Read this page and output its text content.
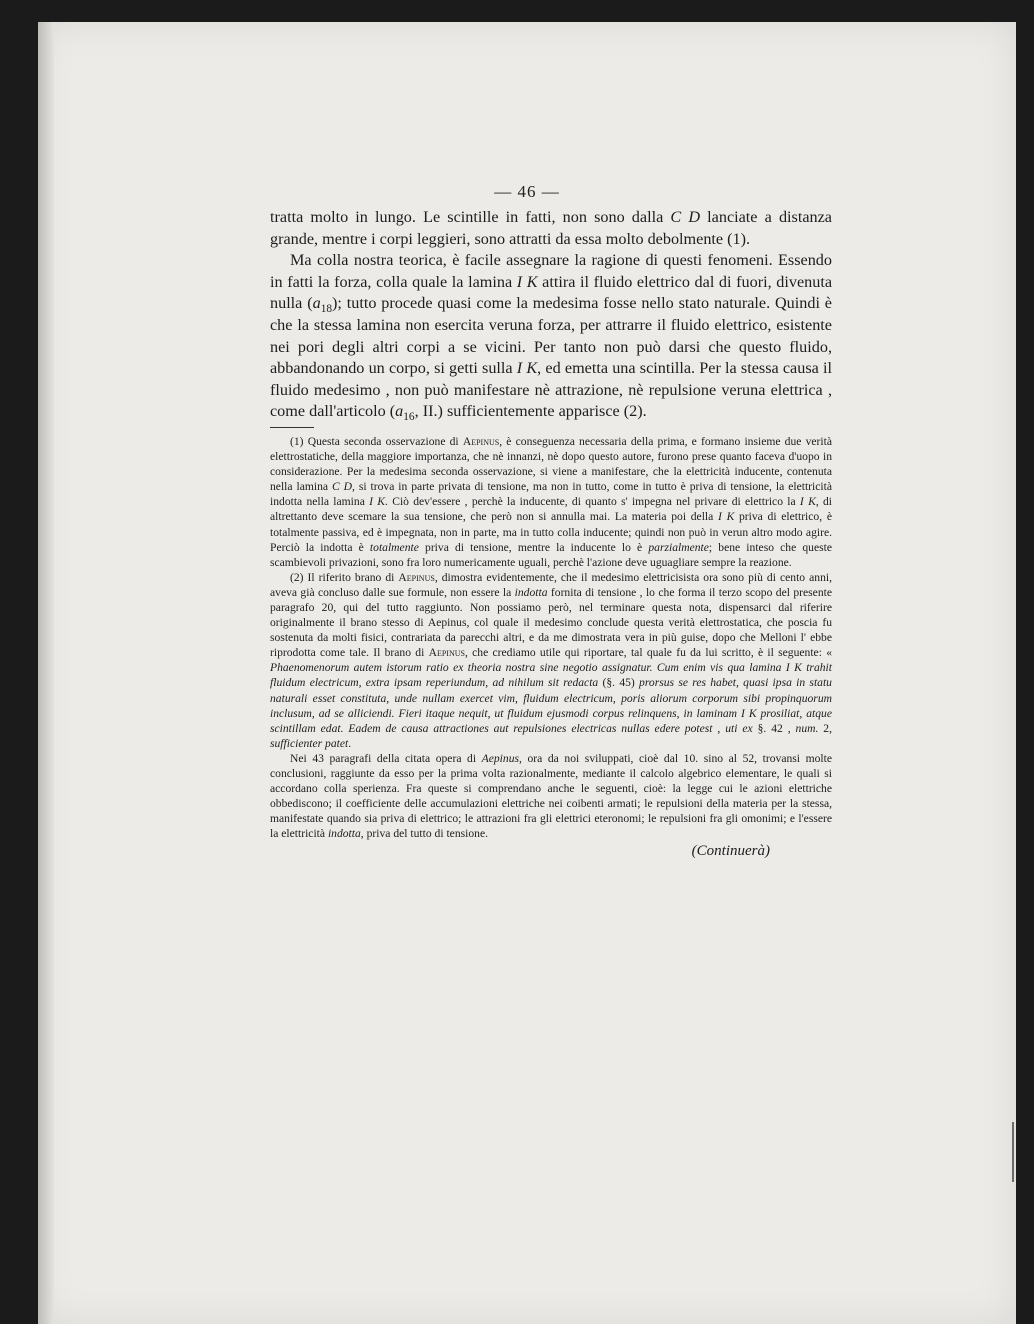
— 46 —

tratta molto in lungo. Le scintille in fatti, non sono dalla C D lanciate a distanza grande, mentre i corpi leggieri, sono attratti da essa molto debolmente (1).

Ma colla nostra teorica, è facile assegnare la ragione di questi fenomeni. Essendo in fatti la forza, colla quale la lamina I K attira il fluido elettrico dal di fuori, divenuta nulla $(a_{18})$; tutto procede quasi come la medesima fosse nello stato naturale. Quindi è che la stessa lamina non esercita veruna forza, per attrarre il fluido elettrico, esistente nei pori degli altri corpi a se vicini. Per tanto non può darsi che questo fluido, abbandonando un corpo, si getti sulla I K, ed emetta una scintilla. Per la stessa causa il fluido medesimo , non può manifestare nè attrazione, nè repulsione veruna elettrica , come dall'articolo ($a_{16}$, II.) sufficientemente apparisce (2).

(1) Questa seconda osservazione di Aepinus, è conseguenza necessaria della prima, e formano insieme due verità elettrostatiche, della maggiore importanza, che nè innanzi, nè dopo questo autore, furono prese quanto faceva d'uopo in considerazione. Per la medesima seconda osservazione, si viene a manifestare, che la elettricità inducente, contenuta nella lamina C D, si trova in parte privata di tensione, ma non in tutto, come in tutto è priva di tensione, la elettricità indotta nella lamina I K. Ciò dev'essere , perchè la inducente, di quanto s' impegna nel privare di elettrico la I K, di altrettanto deve scemare la sua tensione, che però non si annulla mai. La materia poi della I K priva di elettrico, è totalmente passiva, ed è impegnata, non in parte, ma in tutto colla inducente; quindi non può in verun altro modo agire. Perciò la indotta è totalmente priva di tensione, mentre la inducente lo è parzialmente; bene inteso che queste scambievoli privazioni, sono fra loro numericamente uguali, perchè l'azione deve uguagliare sempre la reazione.

(2) Il riferito brano di Aepinus, dimostra evidentemente, che il medesimo elettricisista ora sono più di cento anni, aveva già concluso dalle sue formule, non essere la indotta fornita di tensione , lo che forma il terzo scopo del presente paragrafo 20, qui del tutto raggiunto. Non possiamo però, nel terminare questa nota, dispensarci dal riferire originalmente il brano stesso di Aepinus, col quale il medesimo conclude questa verità elettrostatica, che poscia fu sostenuta da molti fisici, contrariata da parecchi altri, e da me dimostrata vera in più guise, dopo che Melloni l' ebbe riprodotta come tale. Il brano di Aepinus, che crediamo utile qui riportare, tal quale fu da lui scritto, è il seguente: « Phaenomenorum autem istorum ratio ex theoria nostra sine negotio assignatur. Cum enim vis qua lamina I K trahit fluidum electricum, extra ipsam reperiundum, ad nihilum sit redacta (§. 45) prorsus se res habet, quasi ipsa in statu naturali esset constituta, unde nullam exercet vim, fluidum electricum, poris aliorum corporum sibi propinquorum inclusum, ad se alliciendi. Fieri itaque nequit, ut fluidum ejusmodi corpus relinquens, in laminam I K prosiliat, atque scintillam edat. Eadem de causa attractiones aut repulsiones electricas nullas edere potest , uti ex §. 42 , num. 2, sufficienter patet.

Nei 43 paragrafi della citata opera di Aepinus, ora da noi sviluppati, cioè dal 10. sino al 52, trovansi molte conclusioni, raggiunte da esso per la prima volta razionalmente, mediante il calcolo algebrico elementare, le quali si accordano colla sperienza. Fra queste si comprendano anche le seguenti, cioè: la legge cui le azioni elettriche obbediscono; il coefficiente delle accumulazioni elettriche nei coibenti armati; le repulsioni della materia per la stessa, manifestate quando sia priva di elettrico; le attrazioni fra gli elettrici eteronomi; le repulsioni fra gli omonimi; e l'essere la elettricità indotta, priva del tutto di tensione.

(Continuerà)
